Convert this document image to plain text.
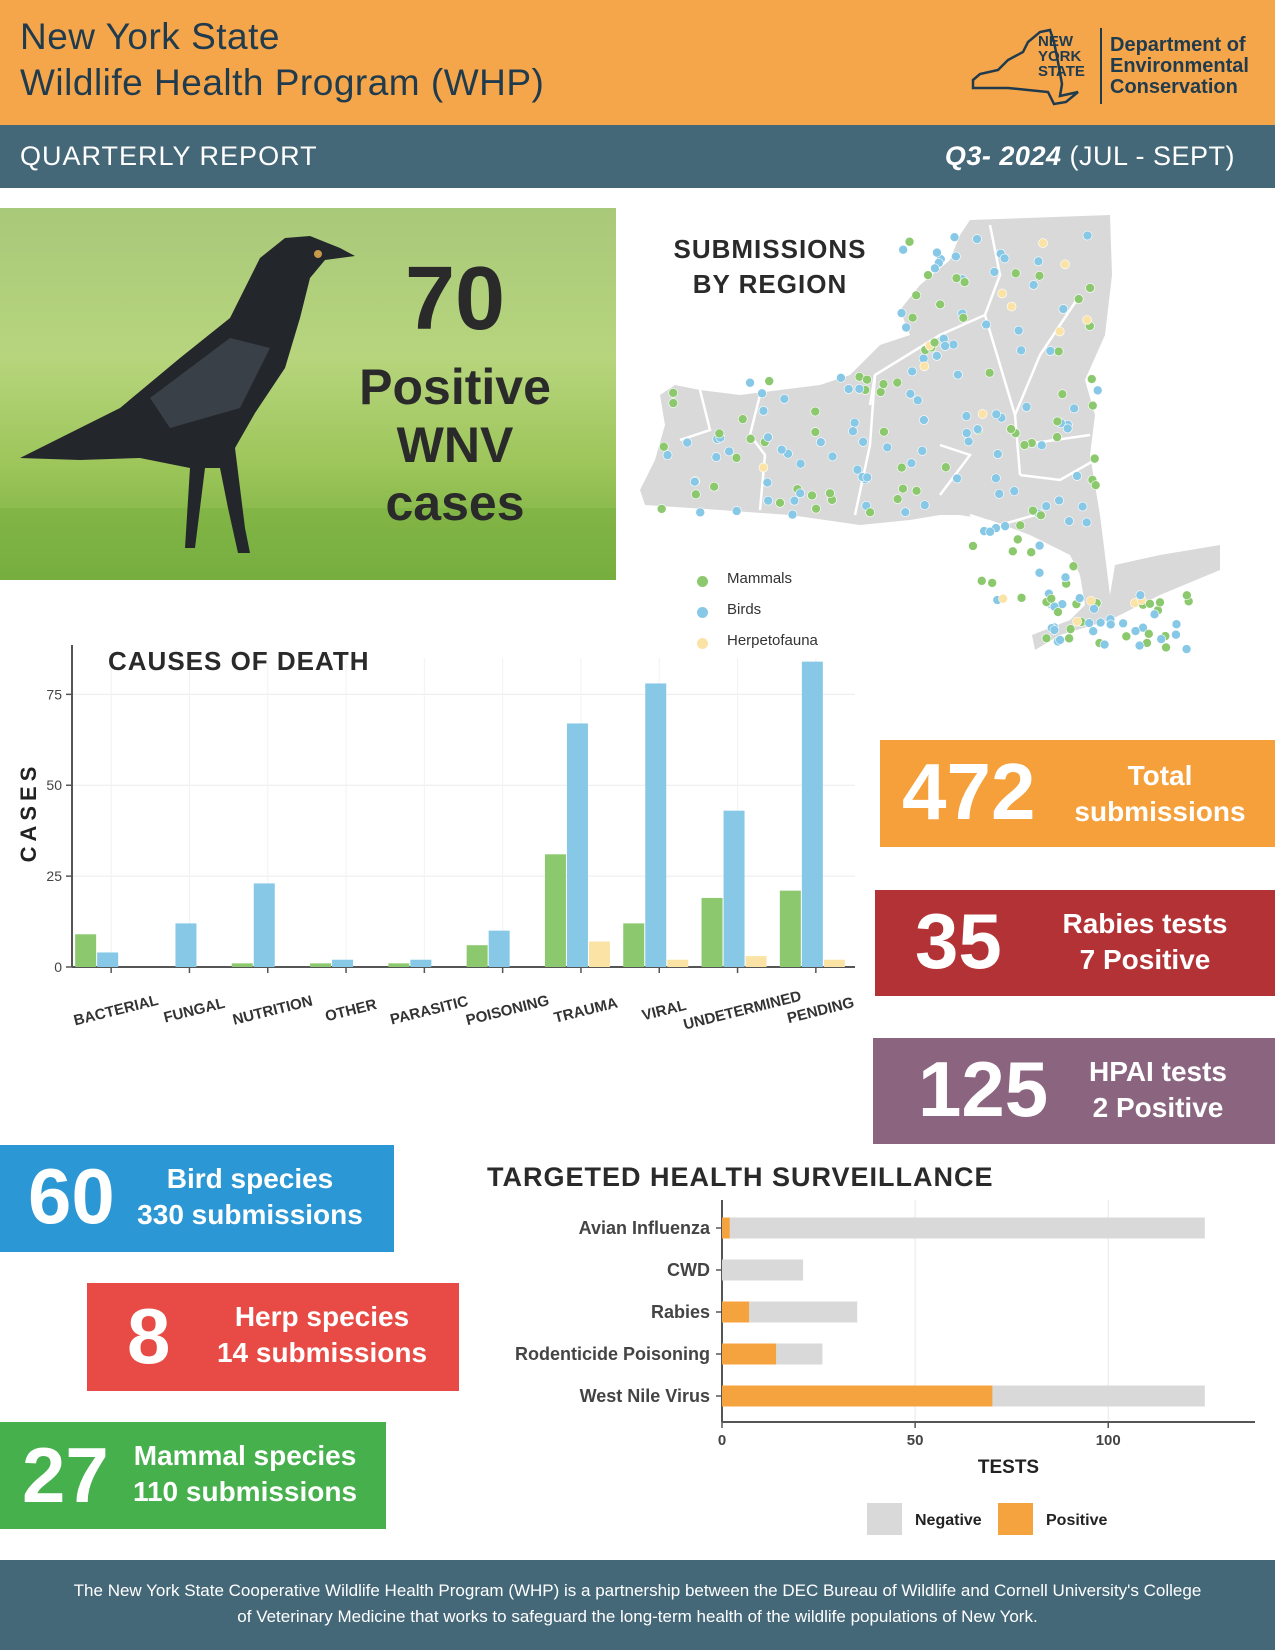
New York State
Wildlife Health Program (WHP)
NEW
YORK
STATE
Department of
Environmental
Conservation
QUARTERLY REPORT	Q3- 2024 (JUL - SEPT)
70
Positive
WNV
cases
SUBMISSIONS
BY REGION
Mammals
Birds
Herpetofauna
0
25
50
75
BACTERIAL FUNGAL NUTRITION OTHER PARASITIC
POISONING TRAUMA VIRAL
UNDETERMINED
PENDING
CASES
CAUSES OF DEATH
472	Total
submissions
35	Rabies tests
7 Positive
125	HPAI tests
2 Positive
60	Bird species
330 submissions
8	Herp species
14 submissions
27 Mammal species
110 submissions
TARGETED HEALTH SURVEILLANCE
0	50	100
Avian Influenza
CWD
Rabies
Rodenticide Poisoning
West Nile Virus
TESTS
Negative	Positive
The New York State Cooperative Wildlife Health Program (WHP) is a partnership between the DEC Bureau of Wildlife and Cornell University's College
of Veterinary Medicine that works to safeguard the long-term health of the wildlife populations of New York.
